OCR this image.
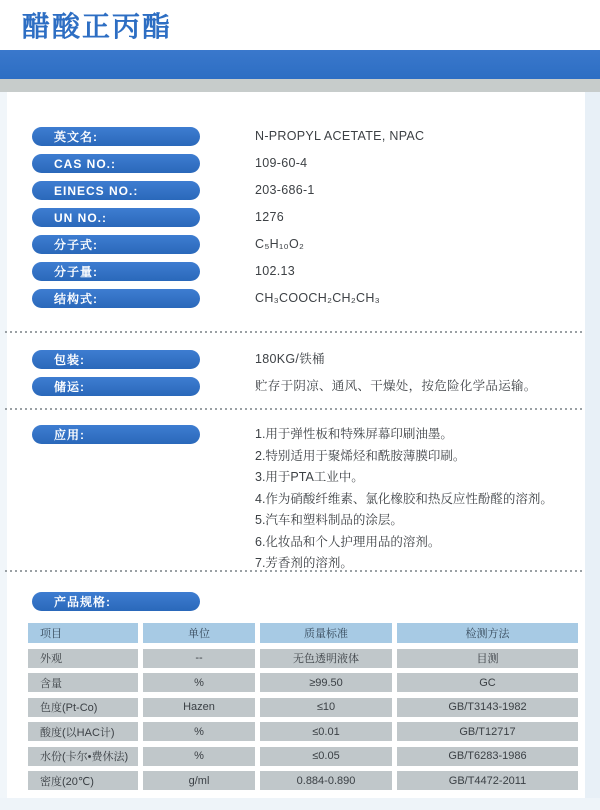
醋酸正丙酯
英文名:	N-PROPYL ACETATE, NPAC
CAS NO.:	109-60-4
EINECS NO.:	203-686-1
UN NO.:	1276
分子式:	C₅H₁₀O₂
分子量:	102.13
结构式:	CH₃COOCH₂CH₂CH₃
包装:	180KG/铁桶
储运:	贮存于阴凉、通风、干燥处，按危险化学品运输。
应用:	1.用于弹性板和特殊屏幕印刷油墨。
2.特别适用于聚烯烃和酰胺薄膜印刷。
3.用于PTA工业中。
4.作为硝酸纤维素、氯化橡胶和热反应性酚醛的溶剂。
5.汽车和塑料制品的涂层。
6.化妆品和个人护理用品的溶剂。
7.芳香剂的溶剂。
产品规格:
项目	单位	质量标准	检测方法
外观	--	无色透明液体	目测
含量	%	≥99.50	GC
色度(Pt-Co)	Hazen	≤10	GB/T3143-1982
酸度(以HAC计)	%	≤0.01	GB/T12717
水份(卡尔•费休法)	%	≤0.05	GB/T6283-1986
密度(20℃)	g/ml	0.884-0.890	GB/T4472-2011
